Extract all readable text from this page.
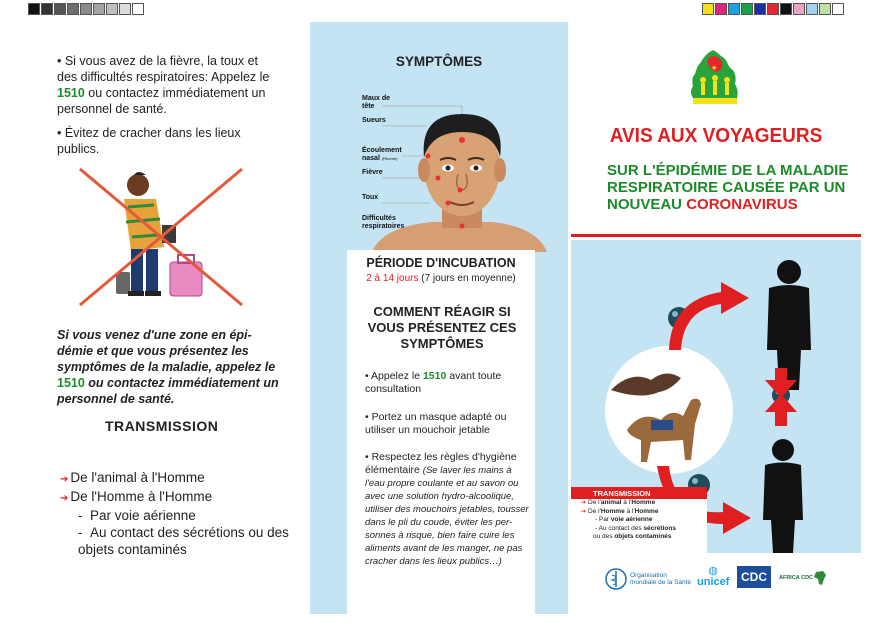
• Si vous avez de la fièvre, la toux et des difficultés respiratoires: Appelez le 1510 ou contactez immédiatement un personnel de santé.

• Évitez de cracher dans les lieux publics.

Si vous venez d'une zone en épi-démie et que vous présentez les symptômes de la maladie, appelez le 1510 ou contactez immédiatement un personnel de santé.

TRANSMISSION
➔ De l'animal à l'Homme
➔ De l'Homme à l'Homme
-  Par voie aérienne
-  Au contact des sécrétions ou des objets contaminés
SYMPTÔMES
Maux de tête
Sueurs
Écoulement nasal (Rhume)
Fièvre
Toux
Difficultés respiratoires
PÉRIODE D'INCUBATION

2 à 14 jours (7 jours en moyenne)

COMMENT RÉAGIR SI VOUS PRÉSENTEZ CES SYMPTÔMES

• Appelez le 1510 avant toute consultation

• Portez un masque adapté ou utiliser un mouchoir jetable

• Respectez les règles d'hygiène élémentaire (Se laver les mains à l'eau propre coulante et au savon ou avec une solution hydro-alcoolique, utiliser des mouchoirs jetables, tousser dans le pli du coude, éviter les per-sonnes à risque, bien faire cuire les aliments avant de les manger, ne pas cracher dans les lieux publics…)

★
AVIS AUX VOYAGEURS
SUR L'ÉPIDÉMIE DE LA MALADIE
RESPIRATOIRE CAUSÉE PAR UN
NOUVEAU CORONAVIRUS
TRANSMISSION
➔ De l'animal à l'Homme
➔ De l'Homme à l'Homme
- Par voie aérienne
- Au contact des sécrétions
ou des objets contaminés
Organisation
mondiale de la Santé
◍
unicef CDC	AFRICA CDC
